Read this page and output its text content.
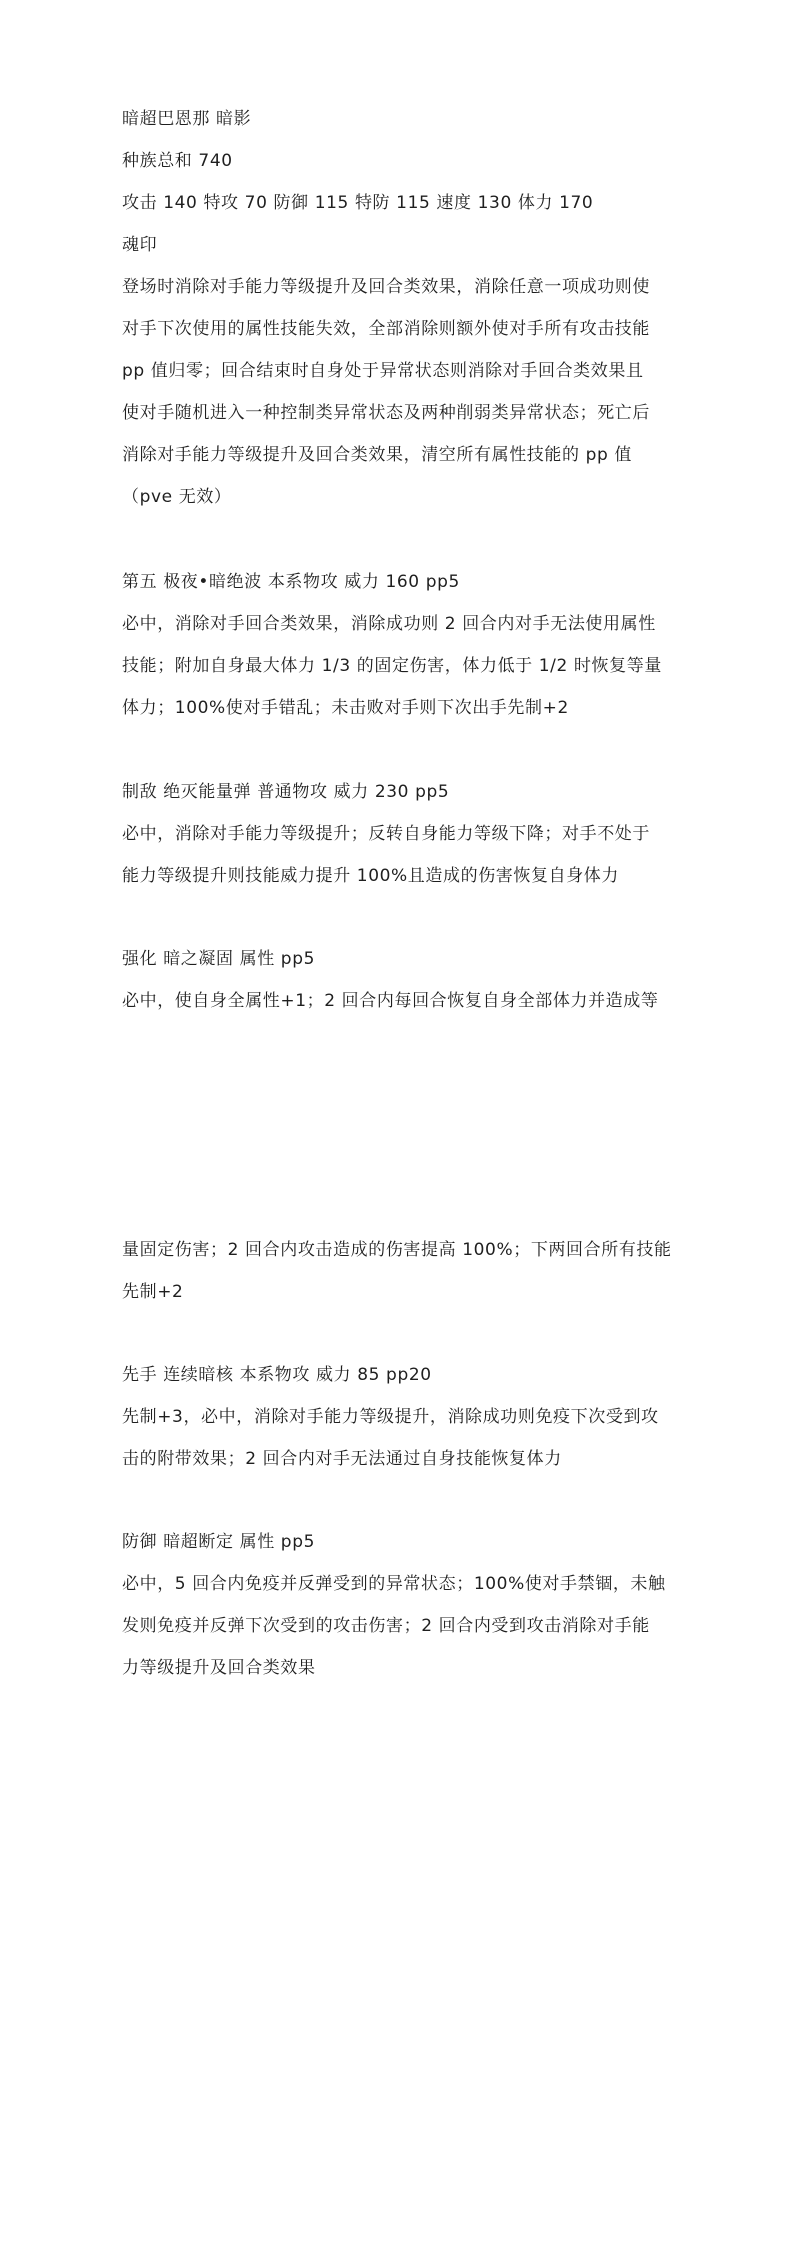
暗超巴恩那 暗影
种族总和 740
攻击 140 特攻 70 防御 115 特防 115 速度 130 体力 170
魂印
登场时消除对手能力等级提升及回合类效果，消除任意一项成功则使
对手下次使用的属性技能失效，全部消除则额外使对手所有攻击技能
pp 值归零；回合结束时自身处于异常状态则消除对手回合类效果且
使对手随机进入一种控制类异常状态及两种削弱类异常状态；死亡后
消除对手能力等级提升及回合类效果，清空所有属性技能的 pp 值
（pve 无效）
第五 极夜•暗绝波 本系物攻 威力 160 pp5
必中，消除对手回合类效果，消除成功则 2 回合内对手无法使用属性
技能；附加自身最大体力 1/3 的固定伤害，体力低于 1/2 时恢复等量
体力；100%使对手错乱；未击败对手则下次出手先制+2
制敌 绝灭能量弹 普通物攻 威力 230 pp5
必中，消除对手能力等级提升；反转自身能力等级下降；对手不处于
能力等级提升则技能威力提升 100%且造成的伤害恢复自身体力
强化 暗之凝固 属性 pp5
必中，使自身全属性+1；2 回合内每回合恢复自身全部体力并造成等
量固定伤害；2 回合内攻击造成的伤害提高 100%；下两回合所有技能
先制+2
先手 连续暗核 本系物攻 威力 85 pp20
先制+3，必中，消除对手能力等级提升，消除成功则免疫下次受到攻
击的附带效果；2 回合内对手无法通过自身技能恢复体力
防御 暗超断定 属性 pp5
必中，5 回合内免疫并反弹受到的异常状态；100%使对手禁锢，未触
发则免疫并反弹下次受到的攻击伤害；2 回合内受到攻击消除对手能
力等级提升及回合类效果
